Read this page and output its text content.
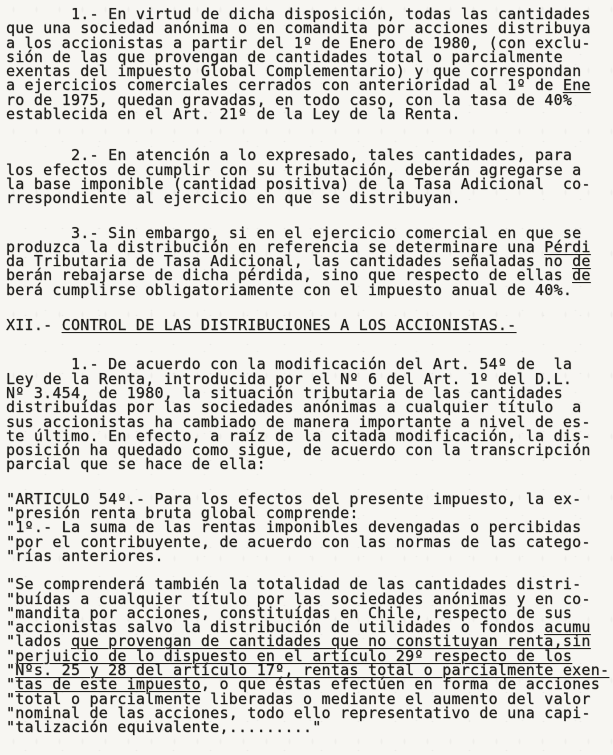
1.- En virtud de dicha disposición, todas las cantidades
que una sociedad anónima o en comandita por acciones distribuya
a los accionistas a partir del 1º de Enero de 1980, (con exclu-
sión de las que provengan de cantidades total o parcialmente
exentas del impuesto Global Complementario) y que correspondan
a ejercicios comerciales cerrados con anterioridad al 1º de Ene
ro de 1975, quedan gravadas, en todo caso, con la tasa de 40%
establecida en el Art. 21º de la Ley de la Renta.
2.- En atención a lo expresado, tales cantidades, para
los efectos de cumplir con su tributación, deberán agregarse a
la base imponible (cantidad positiva) de la Tasa Adicional  co-
rrespondiente al ejercicio en que se distribuyan.
3.- Sin embargo, si en el ejercicio comercial en que se
produzca la distribución en referencia se determinare una Pérdi
da Tributaria de Tasa Adicional, las cantidades señaladas no de
berán rebajarse de dicha pérdida, sino que respecto de ellas de
berá cumplirse obligatoriamente con el impuesto anual de 40%.
XII.- CONTROL DE LAS DISTRIBUCIONES A LOS ACCIONISTAS.-
1.- De acuerdo con la modificación del Art. 54º de  la
Ley de la Renta, introducida por el Nº 6 del Art. 1º del D.L.
Nº 3.454, de 1980, la situación tributaria de las cantidades
distribuídas por las sociedades anónimas a cualquier título  a
sus accionistas ha cambiado de manera importante a nivel de es-
te último. En efecto, a raíz de la citada modificación, la dis-
posición ha quedado como sigue, de acuerdo con la transcripción
parcial que se hace de ella:
"ARTICULO 54º.- Para los efectos del presente impuesto, la ex-
"presión renta bruta global comprende:
"1º.- La suma de las rentas imponibles devengadas o percibidas
"por el contribuyente, de acuerdo con las normas de las catego-
"rías anteriores.
"Se comprenderá también la totalidad de las cantidades distri-
"buídas a cualquier título por las sociedades anónimas y en co-
"mandita por acciones, constituídas en Chile, respecto de sus
"accionistas salvo la distribución de utilidades o fondos acumu
"lados que provengan de cantidades que no constituyan renta,sin
"perjuicio de lo dispuesto en el artículo 29º respecto de los
"Nºs. 25 y 28 del artículo 17º, rentas total o parcialmente exen-
"tas de este impuesto, o que éstas efectúen en forma de acciones
"total o parcialmente liberadas o mediante el aumento del valor
"nominal de las acciones, todo ello representativo de una capi-
"talización equivalente,........."
